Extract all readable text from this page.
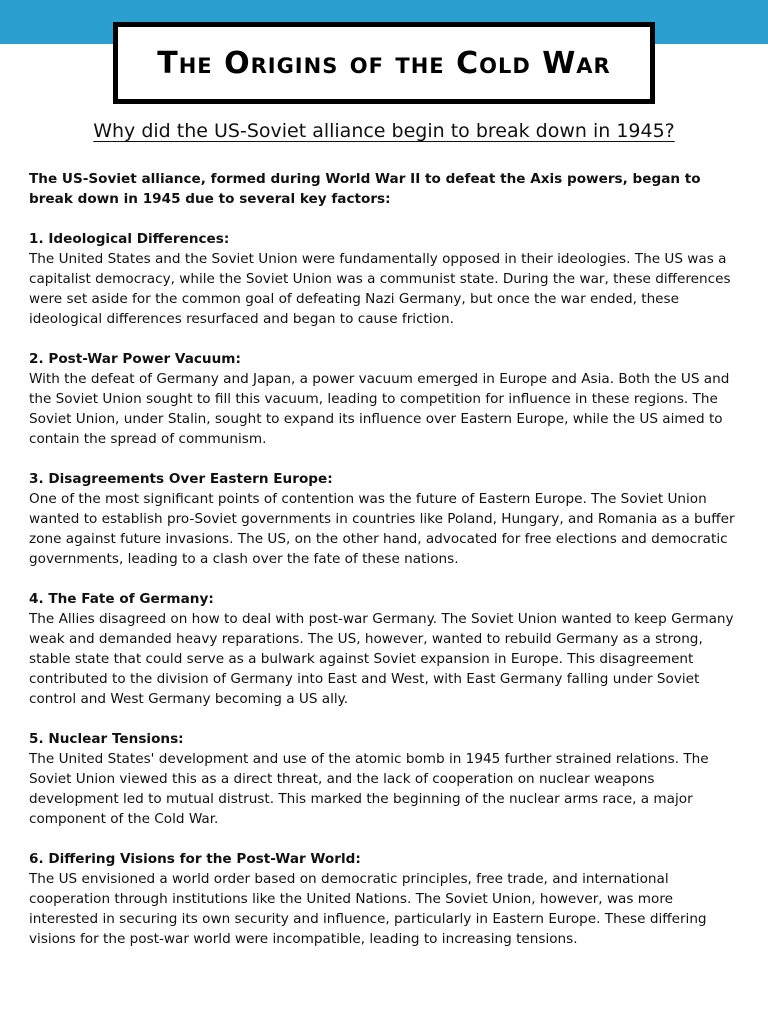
The Origins of the Cold War

Why did the US-Soviet alliance begin to break down in 1945?

The US-Soviet alliance, formed during World War II to defeat the Axis powers, began to break down in 1945 due to several key factors:

1. Ideological Differences:

The United States and the Soviet Union were fundamentally opposed in their ideologies. The US was a capitalist democracy, while the Soviet Union was a communist state. During the war, these differences were set aside for the common goal of defeating Nazi Germany, but once the war ended, these ideological differences resurfaced and began to cause friction.

2. Post-War Power Vacuum:

With the defeat of Germany and Japan, a power vacuum emerged in Europe and Asia. Both the US and the Soviet Union sought to fill this vacuum, leading to competition for influence in these regions. The Soviet Union, under Stalin, sought to expand its influence over Eastern Europe, while the US aimed to contain the spread of communism.

3. Disagreements Over Eastern Europe:

One of the most significant points of contention was the future of Eastern Europe. The Soviet Union wanted to establish pro-Soviet governments in countries like Poland, Hungary, and Romania as a buffer zone against future invasions. The US, on the other hand, advocated for free elections and democratic governments, leading to a clash over the fate of these nations.

4. The Fate of Germany:

The Allies disagreed on how to deal with post-war Germany. The Soviet Union wanted to keep Germany weak and demanded heavy reparations. The US, however, wanted to rebuild Germany as a strong, stable state that could serve as a bulwark against Soviet expansion in Europe. This disagreement contributed to the division of Germany into East and West, with East Germany falling under Soviet control and West Germany becoming a US ally.

5. Nuclear Tensions:

The United States' development and use of the atomic bomb in 1945 further strained relations. The Soviet Union viewed this as a direct threat, and the lack of cooperation on nuclear weapons development led to mutual distrust. This marked the beginning of the nuclear arms race, a major component of the Cold War.

6. Differing Visions for the Post-War World:

The US envisioned a world order based on democratic principles, free trade, and international cooperation through institutions like the United Nations. The Soviet Union, however, was more interested in securing its own security and influence, particularly in Eastern Europe. These differing visions for the post-war world were incompatible, leading to increasing tensions.
